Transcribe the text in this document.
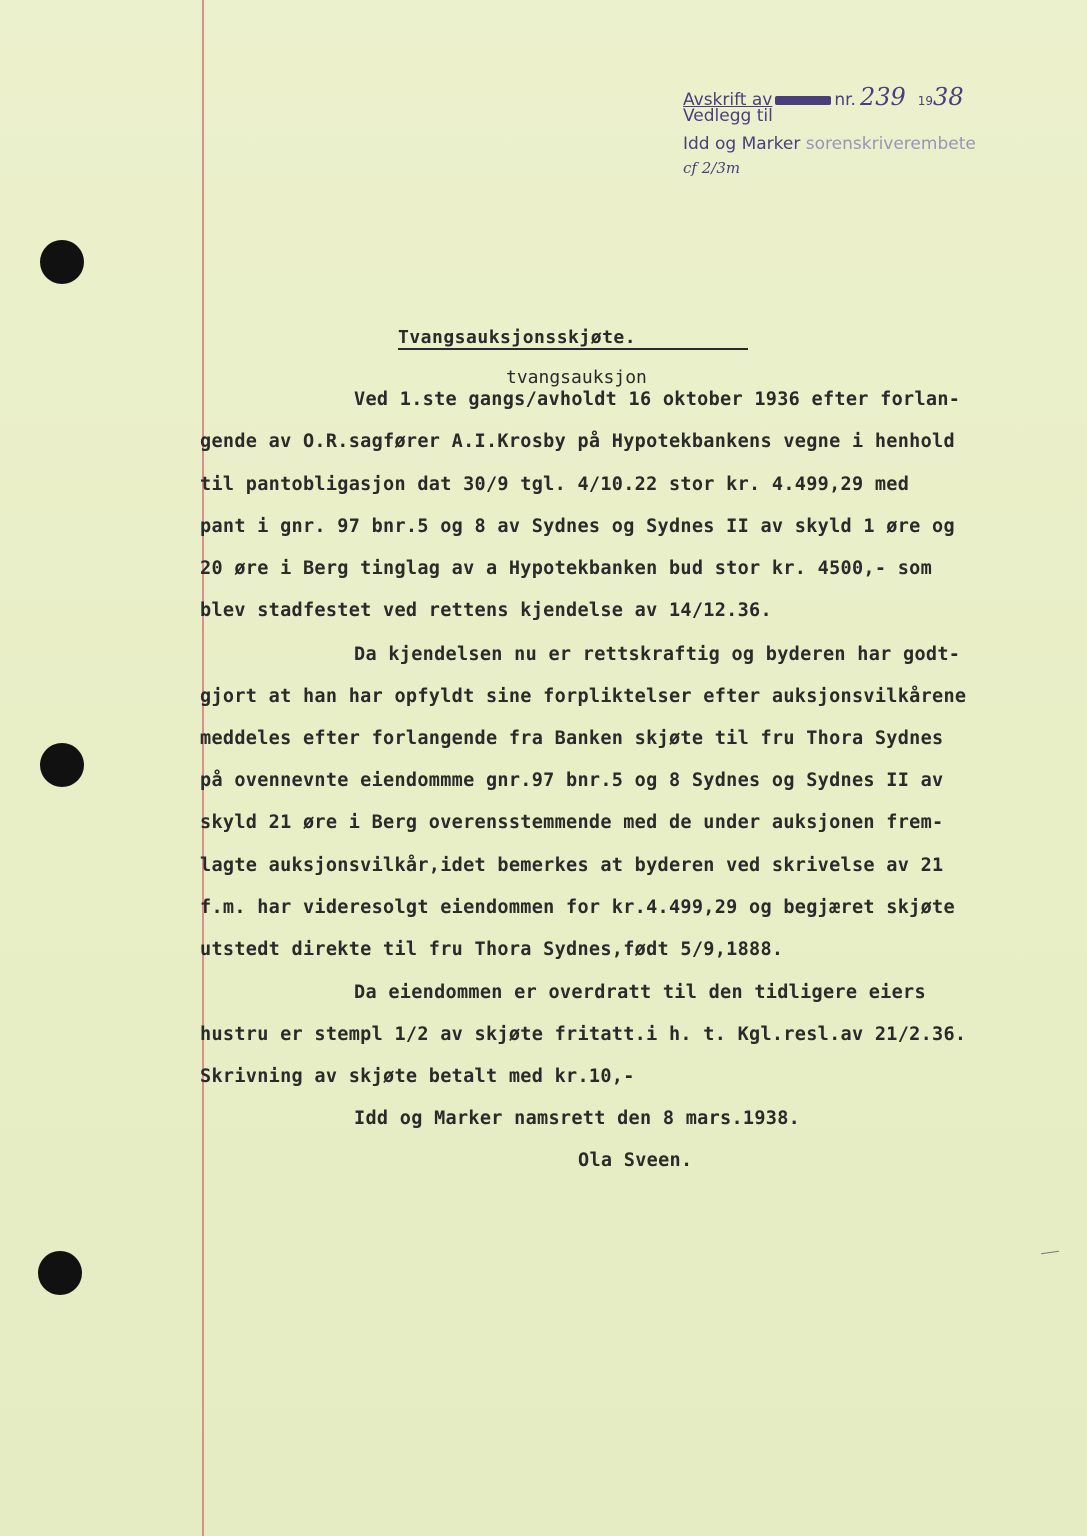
Avskrift av	nr. 239 1938
Vedlegg til
Idd og Marker sorenskriverembete
cf 2/3m
Tvangsauksjonsskjøte.
tvangsauksjon
Ved 1.ste gangs/avholdt 16 oktober 1936 efter forlan-
gende av O.R.sagfører A.I.Krosby på Hypotekbankens vegne i henhold
til pantobligasjon dat 30/9 tgl. 4/10.22 stor kr. 4.499,29 med
pant i gnr. 97 bnr.5 og 8 av Sydnes og Sydnes II av skyld 1 øre og
20 øre i Berg tinglag av a Hypotekbanken bud stor kr. 4500,- som
blev stadfestet ved rettens kjendelse av 14/12.36.
Da kjendelsen nu er rettskraftig og byderen har godt-
gjort at han har opfyldt sine forpliktelser efter auksjonsvilkårene
meddeles efter forlangende fra Banken skjøte til fru Thora Sydnes
på ovennevnte eiendommme gnr.97 bnr.5 og 8 Sydnes og Sydnes II av
skyld 21 øre i Berg overensstemmende med de under auksjonen frem-
lagte auksjonsvilkår,idet bemerkes at byderen ved skrivelse av 21
f.m. har videresolgt eiendommen for kr.4.499,29 og begjæret skjøte
utstedt direkte til fru Thora Sydnes,født 5/9,1888.
Da eiendommen er overdratt til den tidligere eiers
hustru er stempl 1/2 av skjøte fritatt.i h. t. Kgl.resl.av 21/2.36.
Skrivning av skjøte betalt med kr.10,-
Idd og Marker namsrett den 8 mars.1938.
Ola Sveen.
